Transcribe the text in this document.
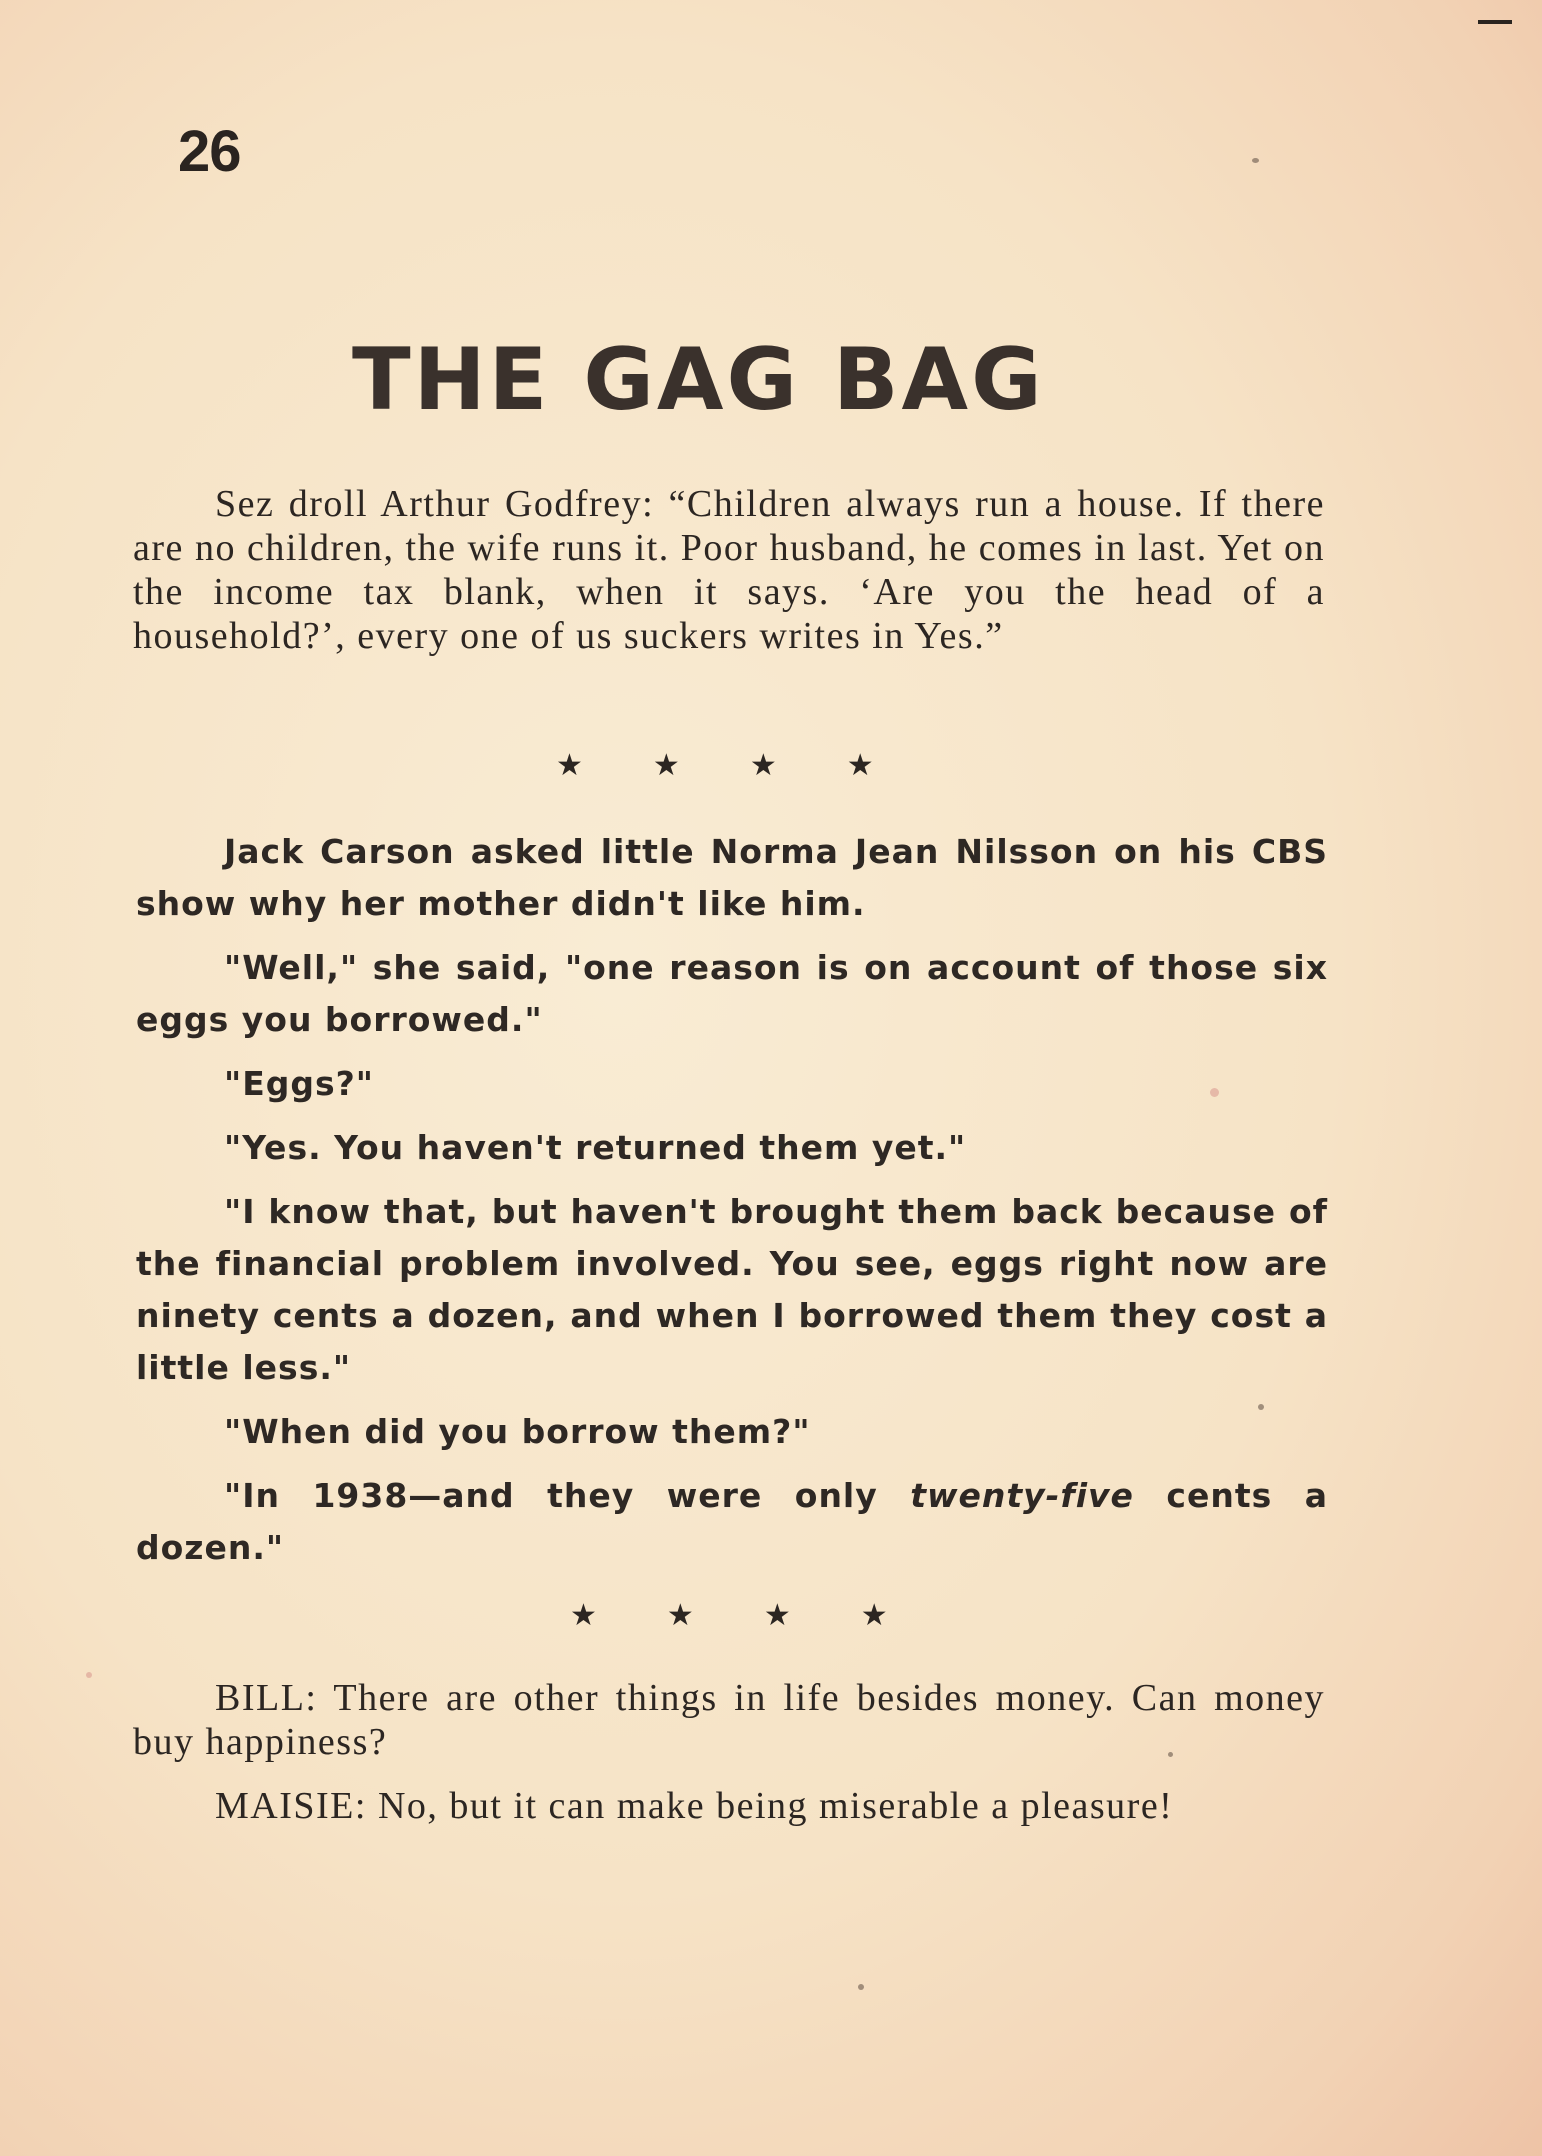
26
THE GAG BAG

Sez droll Arthur Godfrey: “Children always run a house. If there are no children, the wife runs it. Poor husband, he comes in last. Yet on the income tax blank, when it says. ‘Are you the head of a household?’, every one of us suckers writes in Yes.”

★ ★ ★ ★

Jack Carson asked little Norma Jean Nilsson on his CBS show why her mother didn't like him.

"Well," she said, "one reason is on account of those six eggs you borrowed."

"Eggs?"

"Yes. You haven't returned them yet."

"I know that, but haven't brought them back because of the financial problem involved. You see, eggs right now are ninety cents a dozen, and when I borrowed them they cost a little less."

"When did you borrow them?"

"In 1938—and they were only twenty-five cents a dozen."

★ ★ ★ ★

BILL: There are other things in life besides money. Can money buy happiness?

MAISIE: No, but it can make being miserable a pleasure!
